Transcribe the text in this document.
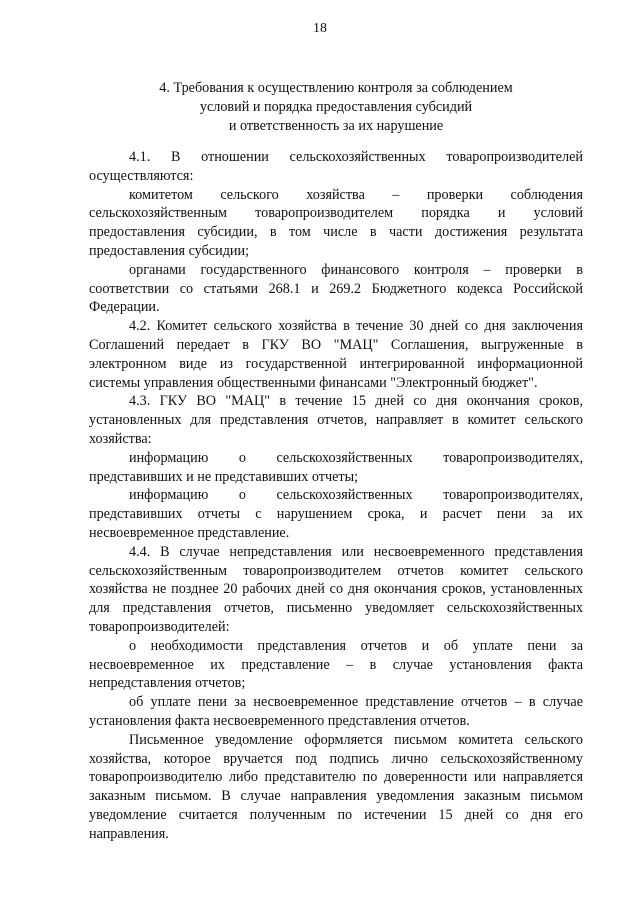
18
4. Требования к осуществлению контроля за соблюдением
условий и порядка предоставления субсидий
и ответственность за их нарушение

4.1. В отношении сельскохозяйственных товаропроизводителей осуществляются:

комитетом сельского хозяйства – проверки соблюдения сельскохозяйственным товаропроизводителем порядка и условий предоставления субсидии, в том числе в части достижения результата предоставления субсидии;

органами государственного финансового контроля – проверки в соответствии со статьями 268.1 и 269.2 Бюджетного кодекса Российской Федерации.

4.2. Комитет сельского хозяйства в течение 30 дней со дня заключения Соглашений передает в ГКУ ВО "МАЦ" Соглашения, выгруженные в электронном виде из государственной интегрированной информационной системы управления общественными финансами "Электронный бюджет".

4.3. ГКУ ВО "МАЦ" в течение 15 дней со дня окончания сроков, установленных для представления отчетов, направляет в комитет сельского хозяйства:

информацию о сельскохозяйственных товаропроизводителях, представивших и не представивших отчеты;

информацию о сельскохозяйственных товаропроизводителях, представивших отчеты с нарушением срока, и расчет пени за их несвоевременное представление.

4.4. В случае непредставления или несвоевременного представления сельскохозяйственным товаропроизводителем отчетов комитет сельского хозяйства не позднее 20 рабочих дней со дня окончания сроков, установленных для представления отчетов, письменно уведомляет сельскохозяйственных товаропроизводителей:

о необходимости представления отчетов и об уплате пени за несвоевременное их представление – в случае установления факта непредставления отчетов;

об уплате пени за несвоевременное представление отчетов – в случае установления факта несвоевременного представления отчетов.

Письменное уведомление оформляется письмом комитета сельского хозяйства, которое вручается под подпись лично сельскохозяйственному товаропроизводителю либо представителю по доверенности или направляется заказным письмом. В случае направления уведомления заказным письмом уведомление считается полученным по истечении 15 дней со дня его направления.
